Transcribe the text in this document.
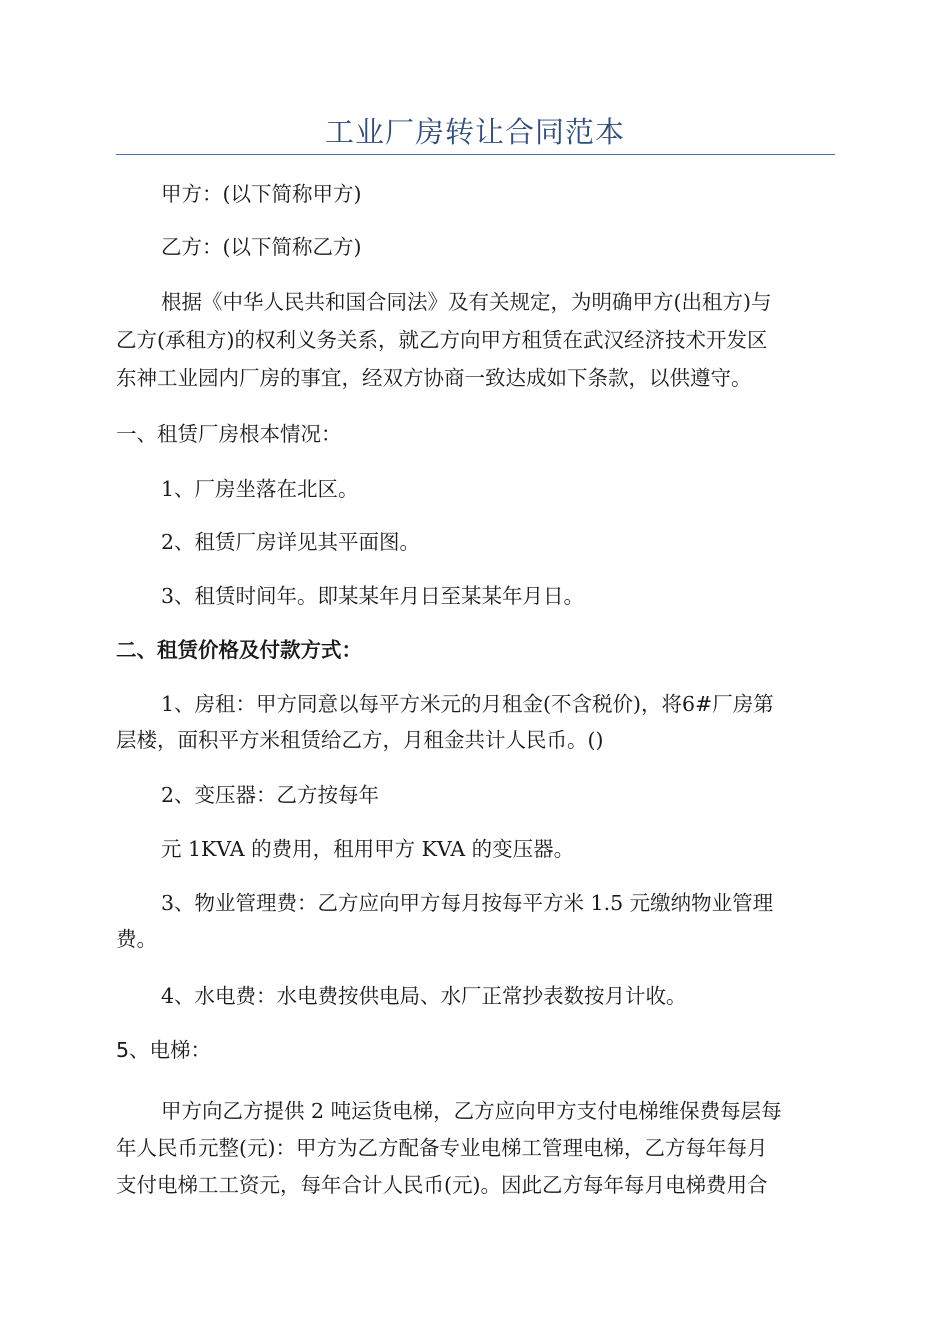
工业厂房转让合同范本

甲方：(以下简称甲方)

乙方：(以下简称乙方)

根据《中华人民共和国合同法》及有关规定，为明确甲方(出租方)与
乙方(承租方)的权利义务关系，就乙方向甲方租赁在武汉经济技术开发区
东神工业园内厂房的事宜，经双方协商一致达成如下条款，以供遵守。

一、租赁厂房根本情况：

1、厂房坐落在北区。

2、租赁厂房详见其平面图。

3、租赁时间年。即某某年月日至某某年月日。

二、租赁价格及付款方式：

1、房租：甲方同意以每平方米元的月租金(不含税价)，将6#厂房第
层楼，面积平方米租赁给乙方，月租金共计人民币。()

2、变压器：乙方按每年

元 1KVA 的费用，租用甲方 KVA 的变压器。

3、物业管理费：乙方应向甲方每月按每平方米 1.5 元缴纳物业管理
费。

4、水电费：水电费按供电局、水厂正常抄表数按月计收。

5、电梯：

甲方向乙方提供 2 吨运货电梯，乙方应向甲方支付电梯维保费每层每
年人民币元整(元)：甲方为乙方配备专业电梯工管理电梯，乙方每年每月
支付电梯工工资元，每年合计人民币(元)。因此乙方每年每月电梯费用合
